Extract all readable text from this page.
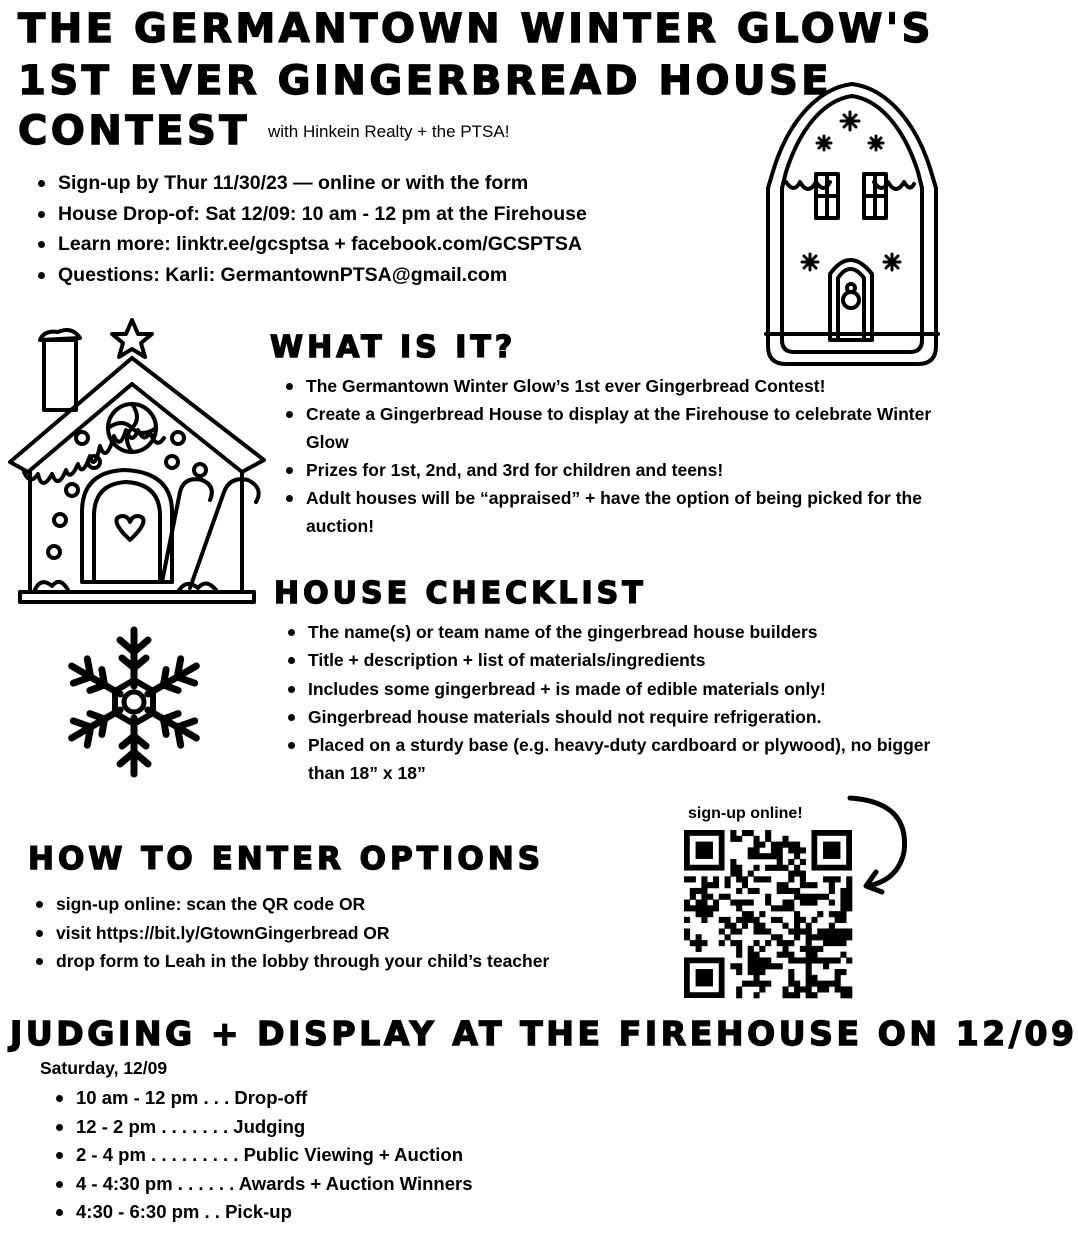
THE GERMANTOWN WINTER GLOW'S
1ST EVER GINGERBREAD HOUSE
CONTEST with Hinkein Realty + the PTSA!
Sign-up by Thur 11/30/23 — online or with the form
House Drop-of: Sat 12/09: 10 am - 12 pm at the Firehouse
Learn more: linktr.ee/gcsptsa + facebook.com/GCSPTSA
Questions: Karli: GermantownPTSA@gmail.com
WHAT IS IT?
The Germantown Winter Glow’s 1st ever Gingerbread Contest!
Create a Gingerbread House to display at the Firehouse to celebrate Winter Glow
Prizes for 1st, 2nd, and 3rd for children and teens!
Adult houses will be “appraised” + have the option of being picked for the auction!
HOUSE CHECKLIST
The name(s) or team name of the gingerbread house builders
Title + description + list of materials/ingredients
Includes some gingerbread + is made of edible materials only!
Gingerbread house materials should not require refrigeration.
Placed on a sturdy base (e.g. heavy-duty cardboard or plywood), no bigger than 18” x 18”
HOW TO ENTER OPTIONS
sign-up online: scan the QR code OR
visit https://bit.ly/GtownGingerbread OR
drop form to Leah in the lobby through your child’s teacher
sign-up online!
JUDGING + DISPLAY AT THE FIREHOUSE ON 12/09
Saturday, 12/09
10 am - 12 pm . . . Drop-off
12 - 2 pm . . . . . . . Judging
2 - 4 pm . . . . . . . . . Public Viewing + Auction
4 - 4:30 pm . . . . . . Awards + Auction Winners
4:30 - 6:30 pm . . Pick-up
